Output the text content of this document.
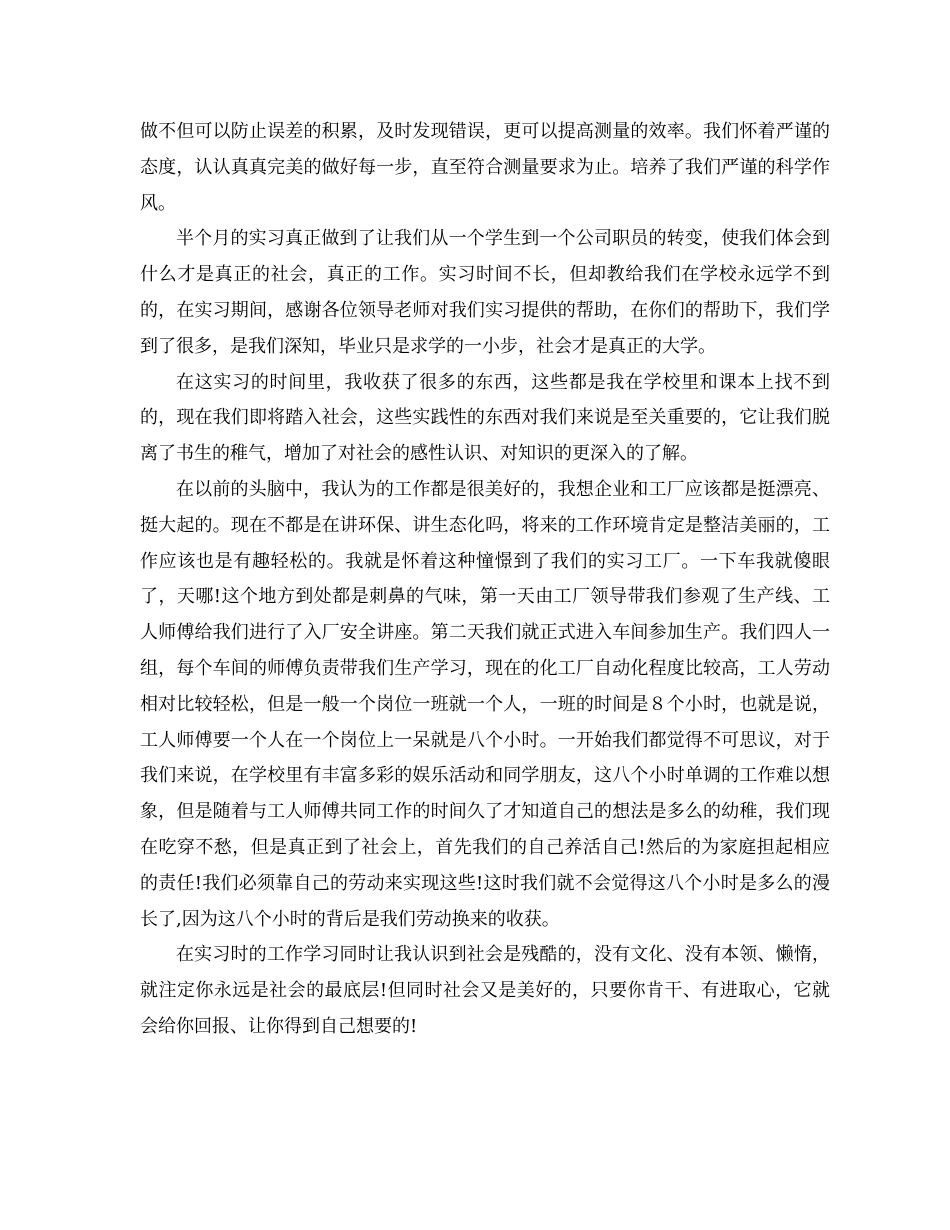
做不但可以防止误差的积累，及时发现错误，更可以提高测量的效率。我们怀着严谨的态度，认认真真完美的做好每一步，直至符合测量要求为止。培养了我们严谨的科学作风。

半个月的实习真正做到了让我们从一个学生到一个公司职员的转变，使我们体会到什么才是真正的社会，真正的工作。实习时间不长，但却教给我们在学校永远学不到的，在实习期间，感谢各位领导老师对我们实习提供的帮助，在你们的帮助下，我们学到了很多，是我们深知，毕业只是求学的一小步，社会才是真正的大学。

在这实习的时间里，我收获了很多的东西，这些都是我在学校里和课本上找不到的，现在我们即将踏入社会，这些实践性的东西对我们来说是至关重要的，它让我们脱离了书生的稚气，增加了对社会的感性认识、对知识的更深入的了解。

在以前的头脑中，我认为的工作都是很美好的，我想企业和工厂应该都是挺漂亮、挺大起的。现在不都是在讲环保、讲生态化吗，将来的工作环境肯定是整洁美丽的，工作应该也是有趣轻松的。我就是怀着这种憧憬到了我们的实习工厂。一下车我就傻眼了，天哪!这个地方到处都是刺鼻的气味，第一天由工厂领导带我们参观了生产线、工人师傅给我们进行了入厂安全讲座。第二天我们就正式进入车间参加生产。我们四人一组，每个车间的师傅负责带我们生产学习，现在的化工厂自动化程度比较高，工人劳动相对比较轻松，但是一般一个岗位一班就一个人，一班的时间是８个小时，也就是说，工人师傅要一个人在一个岗位上一呆就是八个小时。一开始我们都觉得不可思议，对于我们来说，在学校里有丰富多彩的娱乐活动和同学朋友，这八个小时单调的工作难以想象，但是随着与工人师傅共同工作的时间久了才知道自己的想法是多么的幼稚，我们现在吃穿不愁，但是真正到了社会上，首先我们的自己养活自己!然后的为家庭担起相应的责任!我们必须靠自己的劳动来实现这些!这时我们就不会觉得这八个小时是多么的漫长了,因为这八个小时的背后是我们劳动换来的收获。

在实习时的工作学习同时让我认识到社会是残酷的，没有文化、没有本领、懒惰，就注定你永远是社会的最底层!但同时社会又是美好的，只要你肯干、有进取心，它就会给你回报、让你得到自己想要的!
